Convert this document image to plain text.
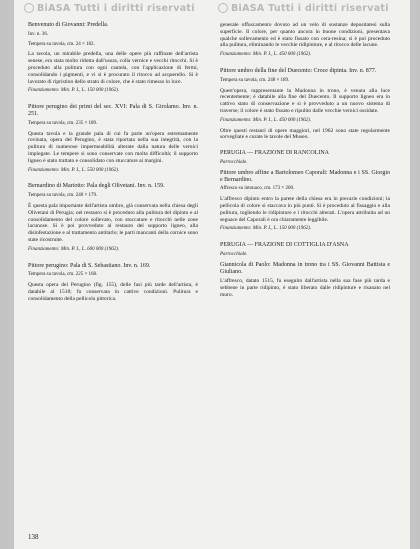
BiASA Tutti i diritti riservati	BiASA Tutti i diritti riservati

Benvenuto di Giovanni: Predella.

Inv. n. 36.

Tempera su tavola, cm. 24 × 182.

La tavola, un mirabile predella, una delle opere più raffinate dell'artista senese, era stata molto ridotta dall'usura, colla vernice e vecchi ritocchi. Si è proceduto alla pulitura con ogni cautela, con l'applicazione di fermi, consolidando i pigmenti, e vi si è procurato il ritocco ad acquerello. Si è lavorato di ripristino dello strato di colore, che è stato rimesso in luce.

Finanziamento: Min. P. I., L. 150 000 (1962).

Pittore perugino dei primi del sec. XVI: Pala di S. Girolamo. Inv. n. 251.

Tempera su tavola, cm. 235 × 189.

Questa tavola e la grande pala di cui fa parte un'opera estremamente rovinata, opera del Perugino, è stata riportata nella sua integrità, con la pulitura di numerose impermeabilità alterate dalla natura delle vernici impiegate. Le tempere si sono conservate con molta difficoltà; il supporto ligneo è stato trattato e consolidato con stuccature ai margini.

Finanziamento: Min. P. I., L. 550 000 (1962).

Bernardino di Mariotto: Pala degli Olivetani. Inv. n. 159.

Tempera su tavola, cm. 240 × 179.

È questa pala importante dell'artista umbro, già conservata nella chiesa degli Olivetani di Perugia; nel restauro si è proceduto alla pulitura del dipinto e al consolidamento del colore sollevato, con stuccature e ritocchi nelle zone lacunose. Si è poi provveduto al restauro del supporto ligneo, alla disinfestazione e al trattamento antitarlo; le parti mancanti della cornice sono state ricostruite.

Finanziamento: Min. P. I., L. 600 000 (1962).

Pittore perugino: Pala di S. Sebastiano. Inv. n. 169.

Tempera su tavola, cm. 225 × 168.

Questa opera del Perugino (fig. 155), delle fasi più tarde dell'artista, è databile al 1518; fu conservata in cattive condizioni. Pulitura e consolidamento della pellicola pittorica.

generale offuscamento dovuto ad un velo di sostanze depositatesi sulla superficie. Il colore, per quanto ancora in buone condizioni, presentava qualche sollevamento ed è stato fissato con cera-resina; si è poi proceduto alla pulitura, eliminando le vecchie ridipinture, e al ritocco delle lacune.

Finanziamento: Min. P. I., L. 450 000 (1962).

Pittore umbro della fine del Duecento: Croce dipinta. Inv. n. 877.

Tempera su tavola, cm. 248 × 189.

Quest'opera, rappresentante la Madonna in trono, è venuta alla luce recentemente; è databile alla fine del Duecento. Il supporto ligneo era in cattivo stato di conservazione e si è provveduto a un nuovo sistema di traverse; il colore è stato fissato e ripulito dalle vecchie vernici ossidate.

Finanziamento: Min. P. I., L. 450 000 (1962).

Oltre questi restauri di opere maggiori, nel 1962 sono state regolarmente sorvegliate e curate le tavole del Museo.

PERUGIA — FRAZIONE DI RANCOLINA

Parrocchiale.

Pittore umbro affine a Bartolomeo Caporali: Madonna e i SS. Giorgio e Bernardino.

Affresco su intonaco, cm. 173 × 200.

L'affresco dipinto entro la parete della chiesa era in precarie condizioni; la pellicola di colore si staccava in più punti. Si è proceduto al fissaggio e alla pulitura, togliendo le ridipinture e i ritocchi alterati. L'opera attribuita ad un seguace del Caporali è ora chiaramente leggibile.

Finanziamento: Min. P. I., L. 150 000 (1962).

PERUGIA — FRAZIONE DI COTTIGLIA D'ASNA

Parrocchiale.

Giannicola di Paolo: Madonna in trono tra i SS. Giovanni Battista e Giuliano.

L'affresco, datato 1515, fu eseguito dall'artista nella sua fase più tarda e sebbene in parte ridipinto, è stato liberato dalle ridipinture e risanato nel muro.

138
